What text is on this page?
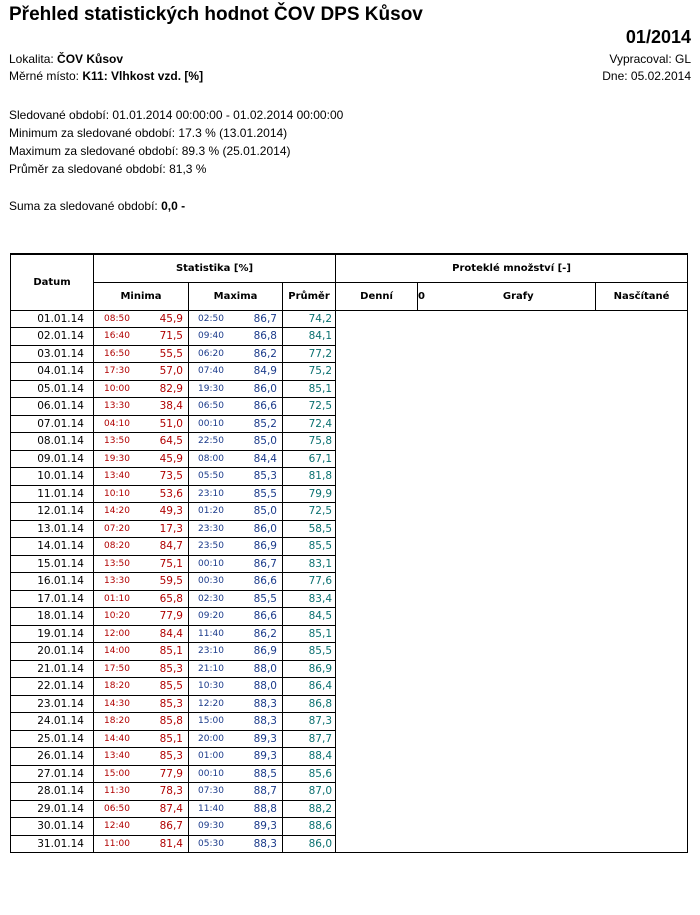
Přehled statistických hodnot ČOV DPS Kůsov
01/2014
Lokalita: ČOV Kůsov	Vypracoval: GL
Měrné místo: K11: Vlhkost vzd. [%]	Dne: 05.02.2014
Sledované období: 01.01.2014 00:00:00 - 01.02.2014 00:00:00
Minimum za sledované období: 17.3 % (13.01.2014)
Maximum za sledované období: 89.3 % (25.01.2014)
Průměr za sledované období: 81,3 %
Suma za sledované období: 0,0 -
Datum	Statistika [%]					Proteklé množství [-]			
	Minima		Maxima		Průměr	Denní	0	Grafy	Nasčítané
01.01.14	08:50	45,9	02:50	86,7	74,2				
02.01.14	16:40	71,5	09:40	86,8	84,1				
03.01.14	16:50	55,5	06:20	86,2	77,2				
04.01.14	17:30	57,0	07:40	84,9	75,2				
05.01.14	10:00	82,9	19:30	86,0	85,1				
06.01.14	13:30	38,4	06:50	86,6	72,5				
07.01.14	04:10	51,0	00:10	85,2	72,4				
08.01.14	13:50	64,5	22:50	85,0	75,8				
09.01.14	19:30	45,9	08:00	84,4	67,1				
10.01.14	13:40	73,5	05:50	85,3	81,8				
11.01.14	10:10	53,6	23:10	85,5	79,9				
12.01.14	14:20	49,3	01:20	85,0	72,5				
13.01.14	07:20	17,3	23:30	86,0	58,5				
14.01.14	08:20	84,7	23:50	86,9	85,5				
15.01.14	13:50	75,1	00:10	86,7	83,1				
16.01.14	13:30	59,5	00:30	86,6	77,6				
17.01.14	01:10	65,8	02:30	85,5	83,4				
18.01.14	10:20	77,9	09:20	86,6	84,5				
19.01.14	12:00	84,4	11:40	86,2	85,1				
20.01.14	14:00	85,1	23:10	86,9	85,5				
21.01.14	17:50	85,3	21:10	88,0	86,9				
22.01.14	18:20	85,5	10:30	88,0	86,4				
23.01.14	14:30	85,3	12:20	88,3	86,8				
24.01.14	18:20	85,8	15:00	88,3	87,3				
25.01.14	14:40	85,1	20:00	89,3	87,7				
26.01.14	13:40	85,3	01:00	89,3	88,4				
27.01.14	15:00	77,9	00:10	88,5	85,6				
28.01.14	11:30	78,3	07:30	88,7	87,0				
29.01.14	06:50	87,4	11:40	88,8	88,2				
30.01.14	12:40	86,7	09:30	89,3	88,6				
31.01.14	11:00	81,4	05:30	88,3	86,0				
